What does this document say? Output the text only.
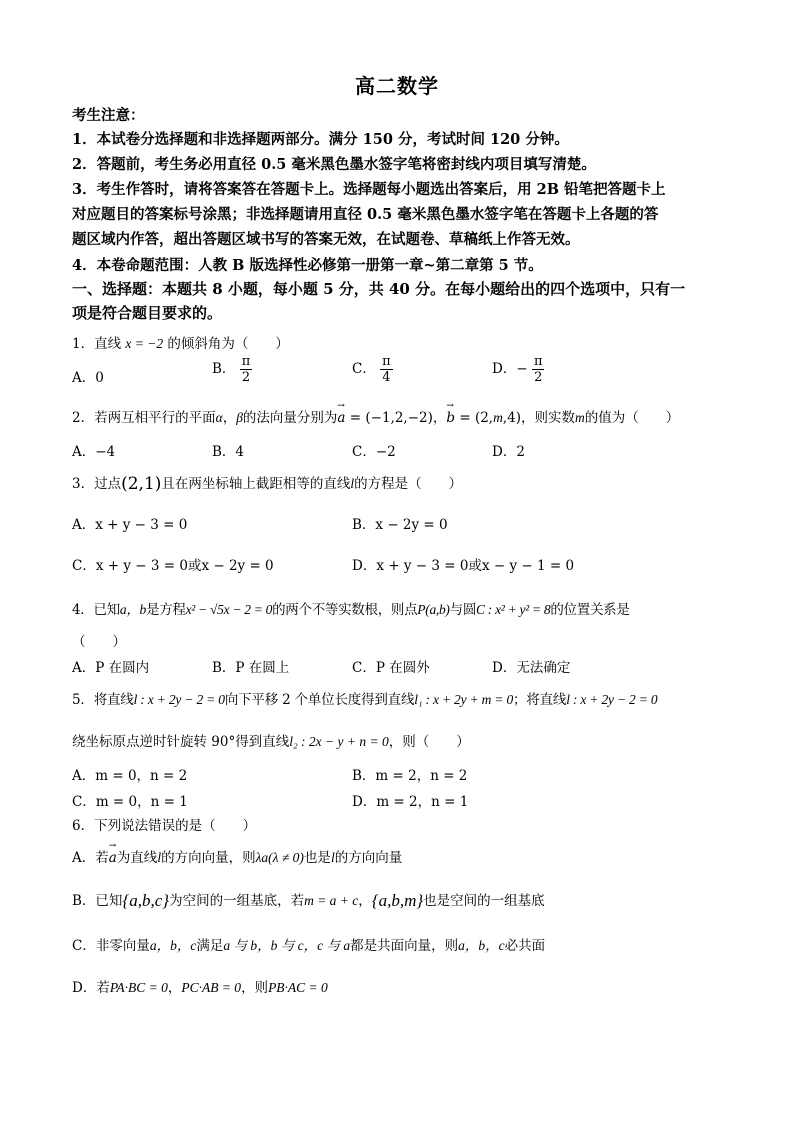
高二数学
考生注意：
1．本试卷分选择题和非选择题两部分。满分 150 分，考试时间 120 分钟。
2．答题前，考生务必用直径 0.5 毫米黑色墨水签字笔将密封线内项目填写清楚。
3．考生作答时，请将答案答在答题卡上。选择题每小题选出答案后，用 2B 铅笔把答题卡上
对应题目的答案标号涂黑；非选择题请用直径 0.5 毫米黑色墨水签字笔在答题卡上各题的答
题区域内作答，超出答题区域书写的答案无效，在试题卷、草稿纸上作答无效。
4．本卷命题范围：人教 B 版选择性必修第一册第一章~第二章第 5 节。
一、选择题：本题共 8 小题，每小题 5 分，共 40 分。在每小题给出的四个选项中，只有一
项是符合题目要求的。
1．直线 x = −2 的倾斜角为（　　）
A．0
B． $\frac{\pi}{2}$	C． $\frac{\pi}{4}$	D．− $\frac{\pi}{2}$
2．若两互相平行的平面α，β的法向量分别为→ a = (−1,2,−2)，→ b = (2,m,4)，则实数m的值为（　　）
A．−4	B．4	C．−2	D．2
3．过点(2,1)且在两坐标轴上截距相等的直线l的方程是（　　）
A．x + y − 3 = 0	B．x − 2y = 0
C．x + y − 3 = 0或x − 2y = 0	D．x + y − 3 = 0或x − y − 1 = 0
4．已知a，b是方程x² − √5x − 2 = 0的两个不等实数根，则点P(a,b)与圆C : x² + y² = 8的位置关系是
（　　）
A．P 在圆内	B．P 在圆上	C．P 在圆外	D．无法确定
5．将直线l : x + 2y − 2 = 0向下平移 2 个单位长度得到直线l₁ : x + 2y + m = 0；将直线l : x + 2y − 2 = 0
绕坐标原点逆时针旋转 90°得到直线l₂ : 2x − y + n = 0，则（　　）
A．m = 0，n = 2	B．m = 2，n = 2
C．m = 0，n = 1	D．m = 2，n = 1
6．下列说法错误的是（　　）
A．若→ a为直线l的方向向量，则λa(λ ≠ 0)也是l的方向向量
B．已知{a,b,c}为空间的一组基底，若m = a + c，{a,b,m}也是空间的一组基底
C．非零向量a，b，c满足a 与 b，b 与 c，c 与 a都是共面向量，则a，b，c必共面
D．若PA·BC = 0，PC·AB = 0，则PB·AC = 0
